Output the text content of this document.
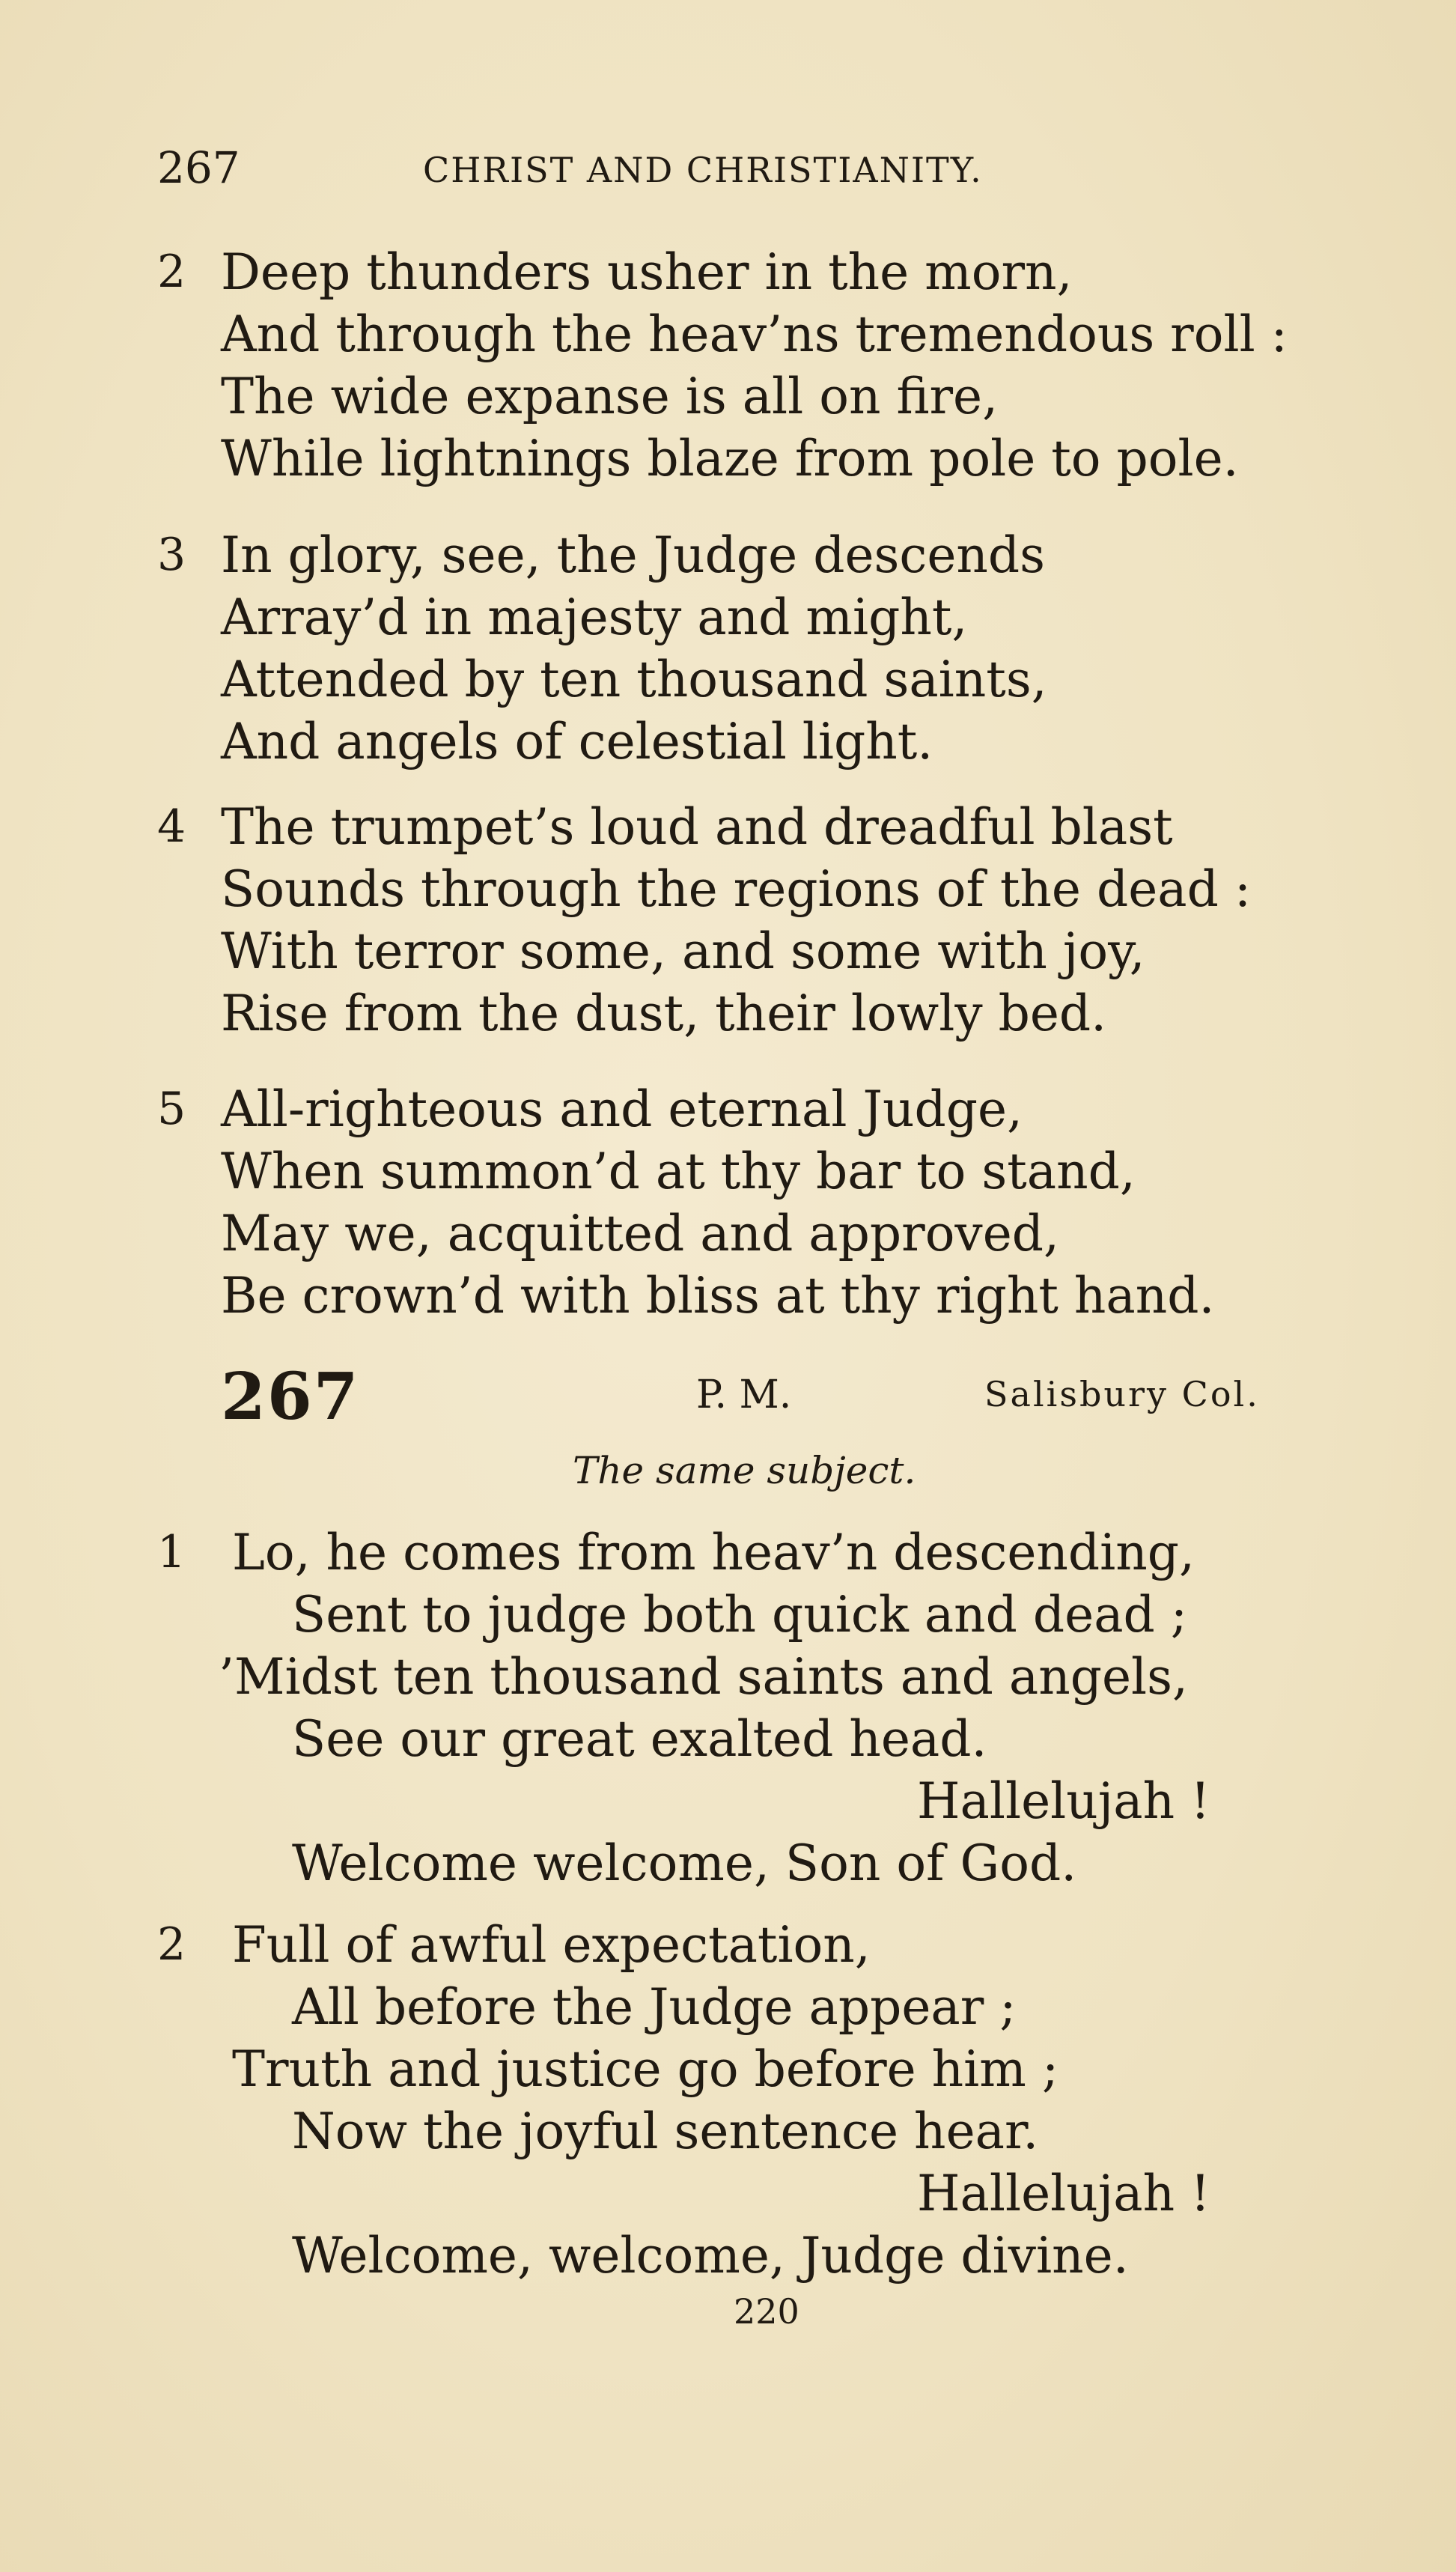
267	CHRIST AND CHRISTIANITY.
2 Deep thunders usher in the morn,
And through the heav’ns tremendous roll :
The wide expanse is all on fire,
While lightnings blaze from pole to pole.
3 In glory, see, the Judge descends
Array’d in majesty and might,
Attended by ten thousand saints,
And angels of celestial light.
4 The trumpet’s loud and dreadful blast
Sounds through the regions of the dead :
With terror some, and some with joy,
Rise from the dust, their lowly bed.
5 All-righteous and eternal Judge,
When summon’d at thy bar to stand,
May we, acquitted and approved,
Be crown’d with bliss at thy right hand.
267	P. M.	Salisbury Col.
The same subject.
1 Lo, he comes from heav’n descending,
Sent to judge both quick and dead ;
’Midst ten thousand saints and angels,
See our great exalted head.
Hallelujah !
Welcome welcome, Son of God.
2 Full of awful expectation,
All before the Judge appear ;
Truth and justice go before him ;
Now the joyful sentence hear.
Hallelujah !
Welcome, welcome, Judge divine.
220
